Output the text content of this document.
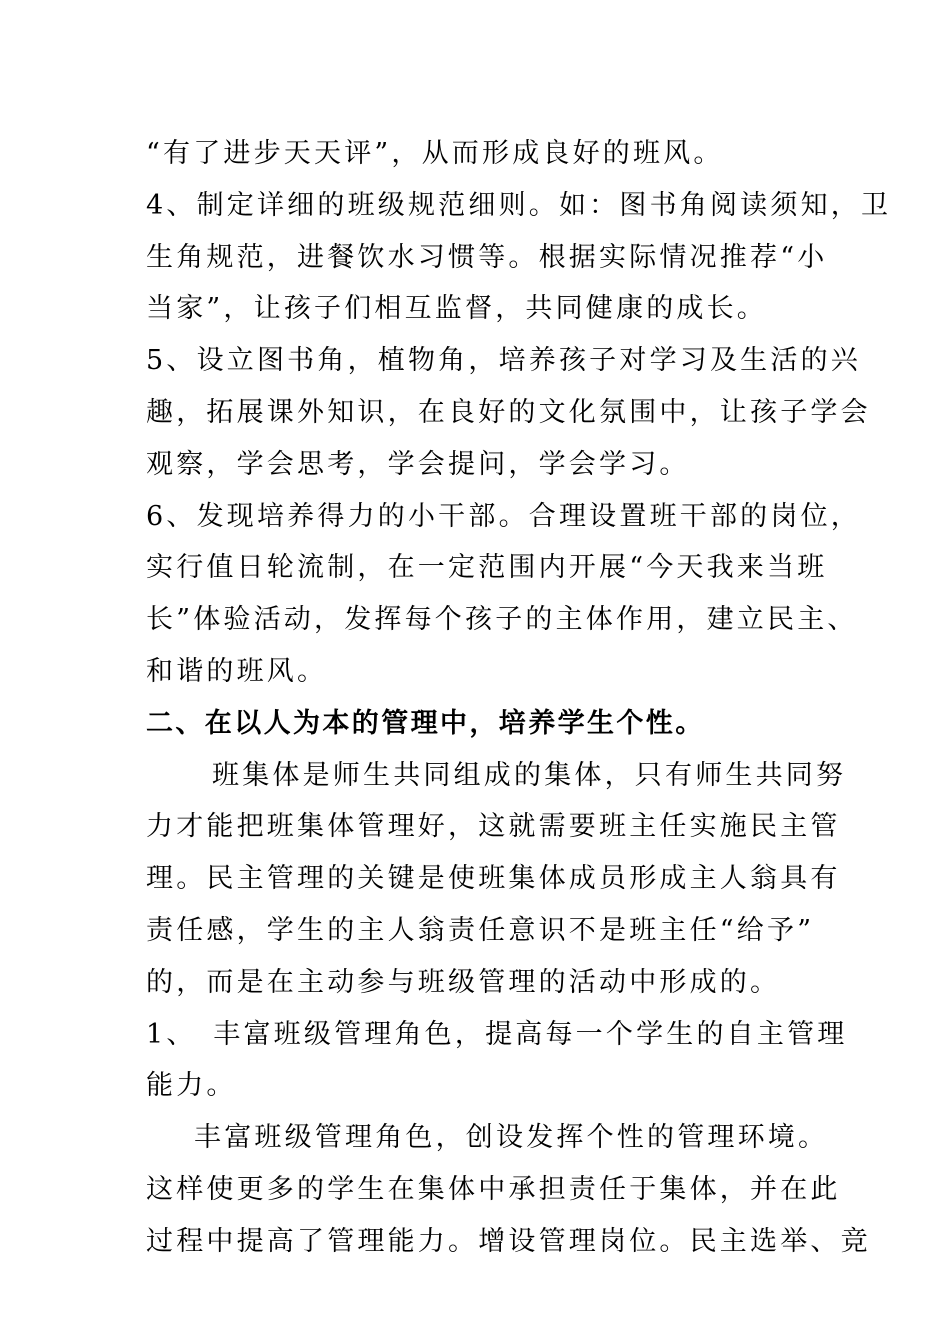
“有了进步天天评”，从而形成良好的班风。
4、制定详细的班级规范细则。如：图书角阅读须知，卫
生角规范，进餐饮水习惯等。根据实际情况推荐“小
当家”，让孩子们相互监督，共同健康的成长。
5、设立图书角，植物角，培养孩子对学习及生活的兴
趣，拓展课外知识，在良好的文化氛围中，让孩子学会
观察，学会思考，学会提问，学会学习。
6、发现培养得力的小干部。合理设置班干部的岗位，
实行值日轮流制，在一定范围内开展“今天我来当班
长”体验活动，发挥每个孩子的主体作用，建立民主、
和谐的班风。
二、在以人为本的管理中，培养学生个性。
班集体是师生共同组成的集体，只有师生共同努
力才能把班集体管理好，这就需要班主任实施民主管
理。民主管理的关键是使班集体成员形成主人翁具有
责任感，学生的主人翁责任意识不是班主任“给予”
的，而是在主动参与班级管理的活动中形成的。
1、　丰富班级管理角色，提高每一个学生的自主管理
能力。
丰富班级管理角色，创设发挥个性的管理环境。
这样使更多的学生在集体中承担责任于集体，并在此
过程中提高了管理能力。增设管理岗位。民主选举、竞
